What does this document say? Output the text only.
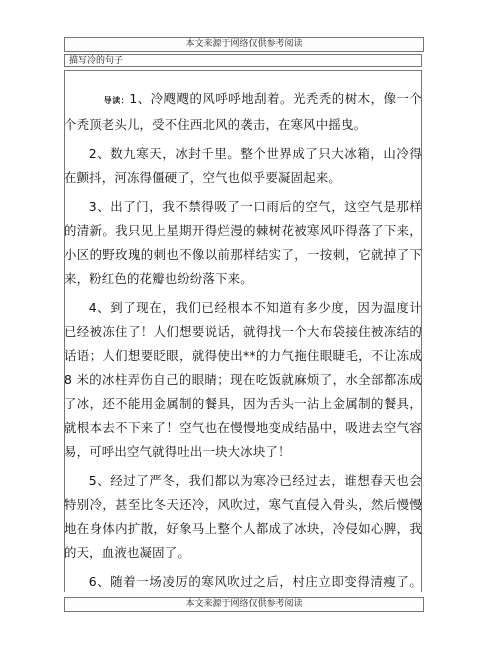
本文来源于网络仅供参考阅读
描写冷的句子

导读：1、冷飕飕的风呼呼地刮着。光秃秃的树木，像一个个秃顶老头儿，受不住西北风的袭击，在寒风中摇曳。

2、数九寒天，冰封千里。整个世界成了只大冰箱，山冷得在颤抖，河冻得僵硬了，空气也似乎要凝固起来。

3、出了门，我不禁得吸了一口雨后的空气，这空气是那样的清新。我只见上星期开得烂漫的棘树花被寒风吓得落了下来，小区的野玫瑰的刺也不像以前那样结实了，一按刺，它就掉了下来，粉红色的花瓣也纷纷落下来。

4、到了现在，我们已经根本不知道有多少度，因为温度计已经被冻住了！人们想要说话，就得找一个大布袋接住被冻结的话语；人们想要眨眼，就得使出**的力气拖住眼睫毛，不让冻成 8 米的冰柱弄伤自己的眼睛；现在吃饭就麻烦了，水全部都冻成了冰，还不能用金属制的餐具，因为舌头一沾上金属制的餐具，就根本去不下来了！空气也在慢慢地变成结晶中，吸进去空气容易，可呼出空气就得吐出一块大冰块了！

5、经过了严冬，我们都以为寒冷已经过去，谁想春天也会特别冷，甚至比冬天还冷，风吹过，寒气直侵入骨头，然后慢慢地在身体内扩散，好象马上整个人都成了冰块，冷侵如心脾，我的天，血液也凝固了。

6、随着一场凌厉的寒风吹过之后，村庄立即变得清瘦了。

本文来源于网络仅供参考阅读
